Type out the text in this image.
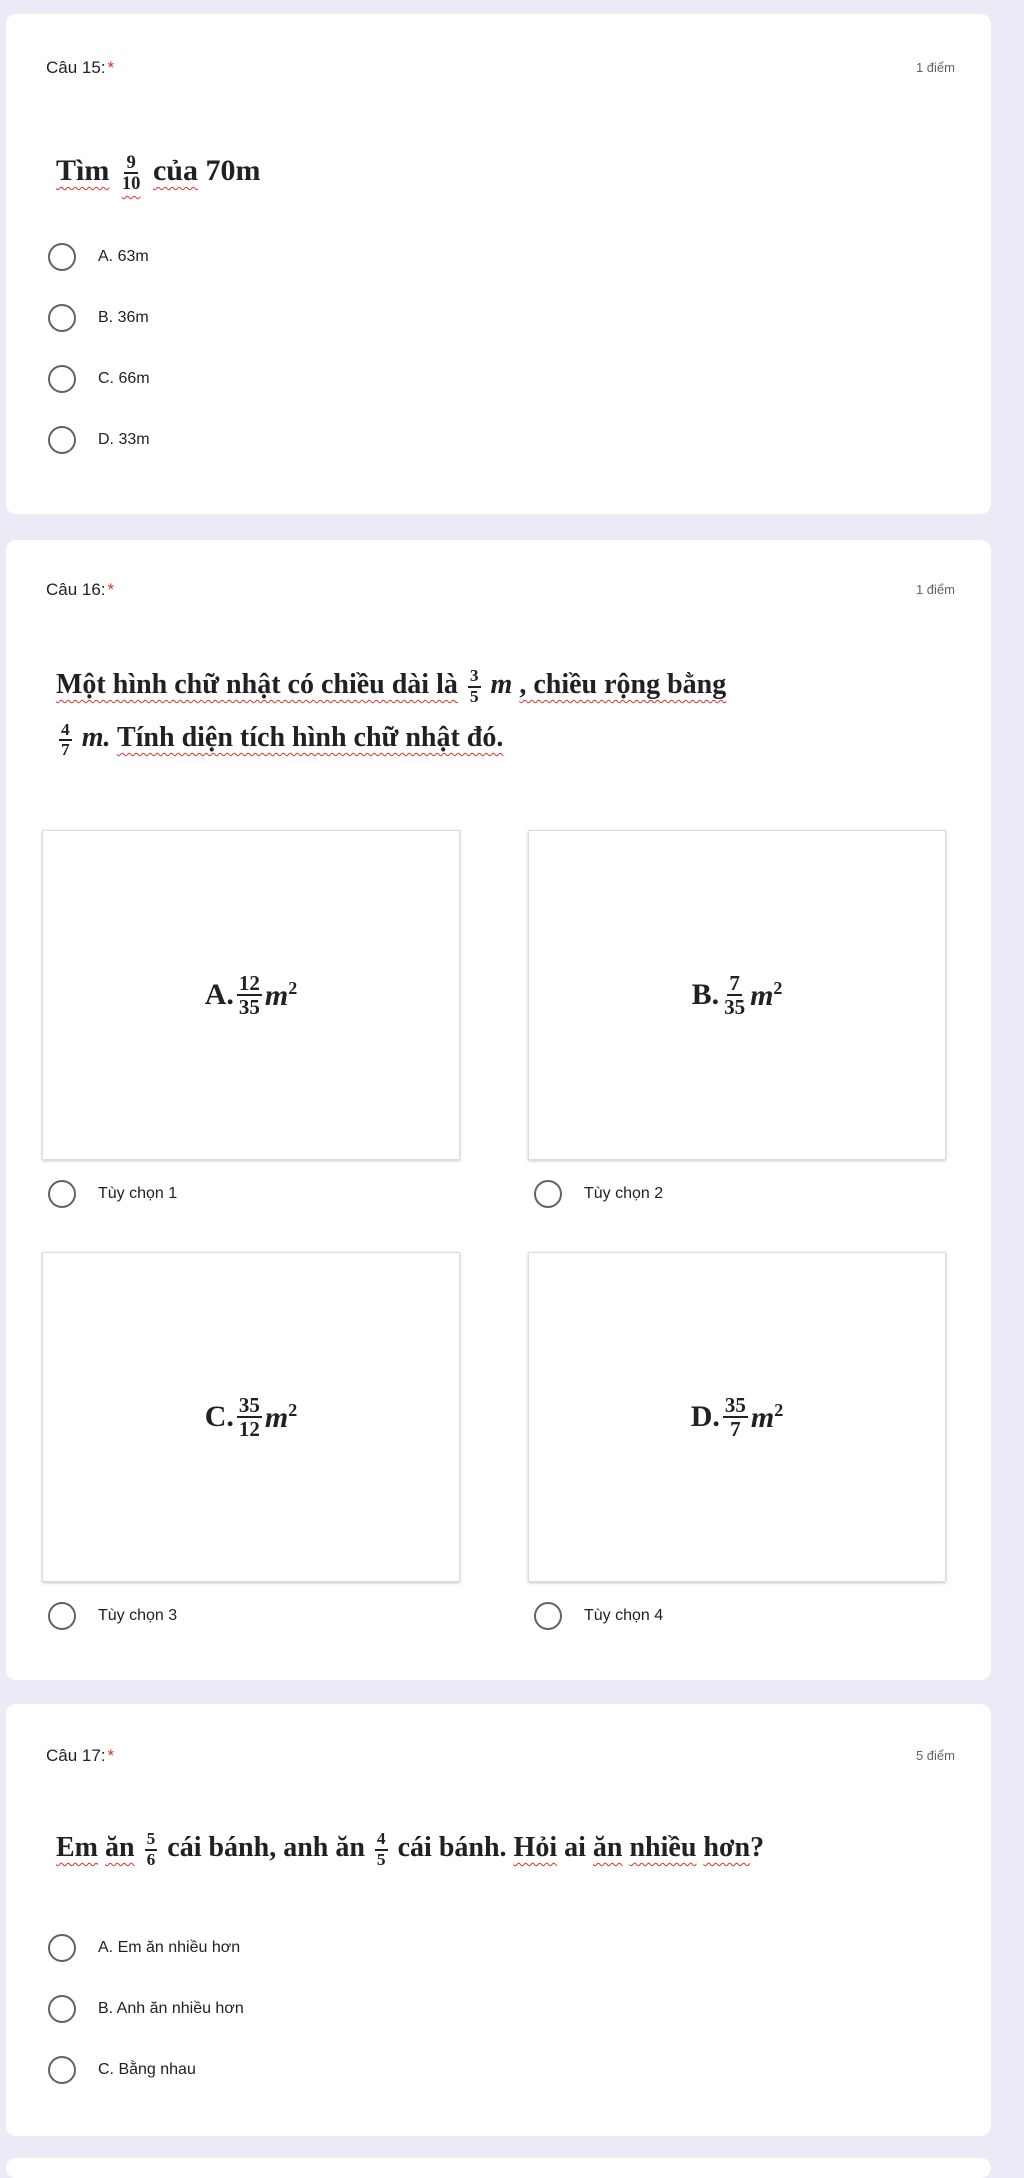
Câu 15: *	1 điểm
Tìm $\frac{9}{10}$ của 70m
A. 63m
B. 36m
C. 66m
D. 33m
Câu 16: *	1 điểm
Một hình chữ nhật có chiều dài là $\frac{3}{5}$ m , chiều rộng bằng

$\frac{4}{7} m$. Tính diện tích hình chữ nhật đó.
A. $\frac{12}{35} m^2$	B. $\frac{7}{35} m^2$
Tùy chọn 1	Tùy chọn 2
C. $\frac{35}{12} m^2$	D. $\frac{35}{7} m^2$
Tùy chọn 3	Tùy chọn 4
Câu 17: *	5 điểm
Em ăn $\frac{5}{6}$ cái bánh, anh ăn $\frac{4}{5}$ cái bánh. Hỏi ai ăn nhiều hơn?
A. Em ăn nhiều hơn
B. Anh ăn nhiều hơn
C. Bằng nhau
